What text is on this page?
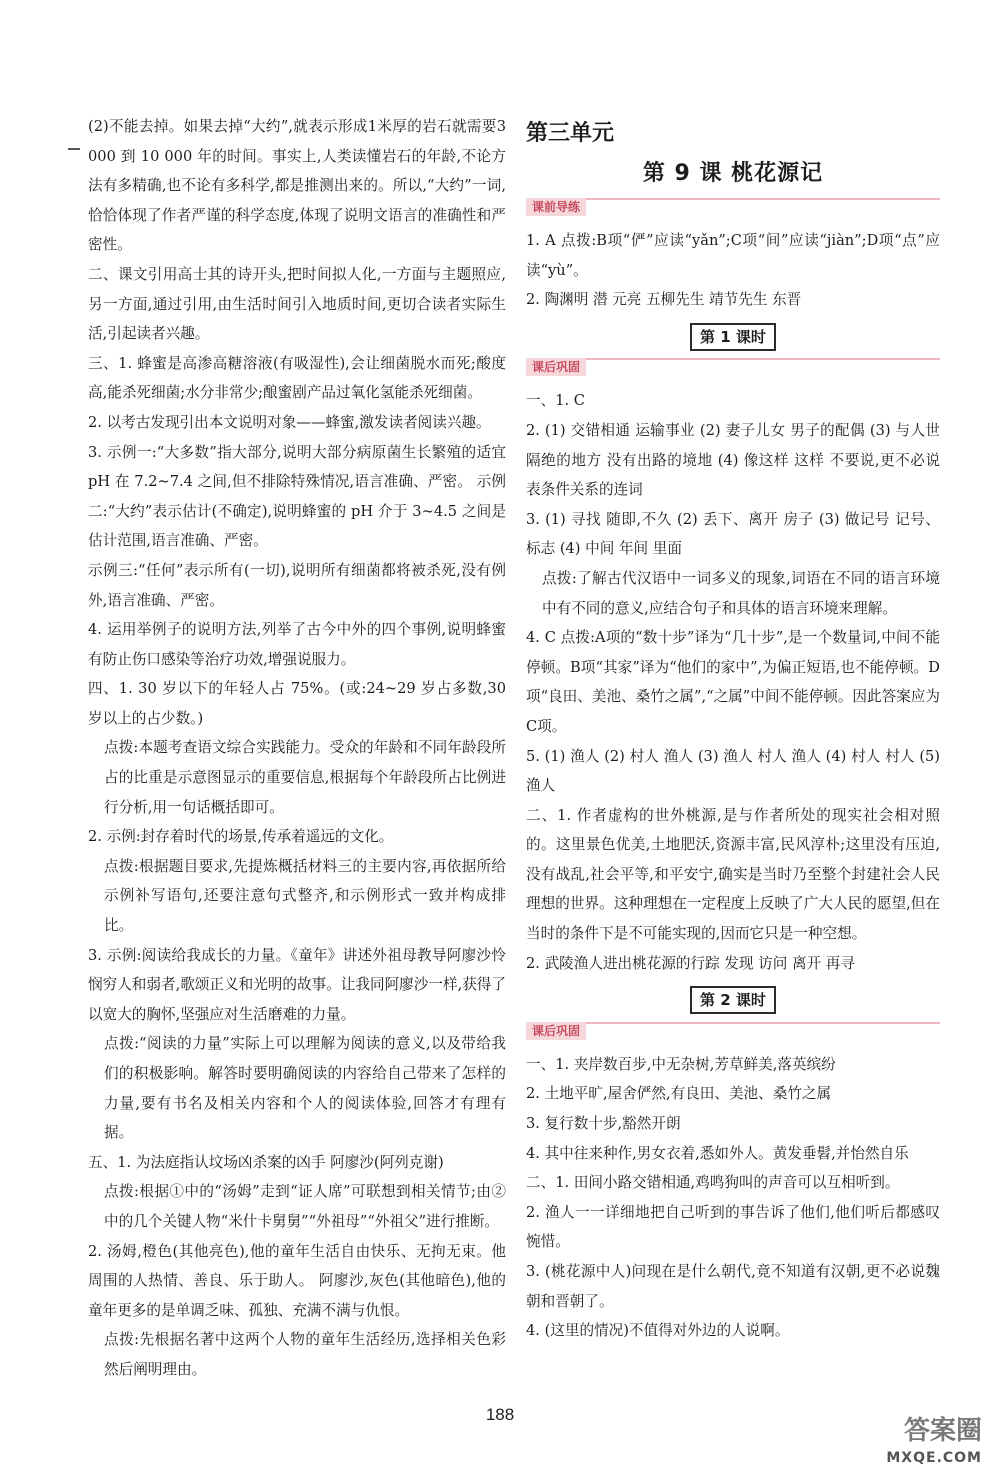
(2)不能去掉。如果去掉“大约”,就表示形成1米厚的岩石就需要3 000 到 10 000 年的时间。事实上,人类读懂岩石的年龄,不论方法有多精确,也不论有多科学,都是推测出来的。所以,“大约”一词,恰恰体现了作者严谨的科学态度,体现了说明文语言的准确性和严密性。

二、课文引用高士其的诗开头,把时间拟人化,一方面与主题照应,另一方面,通过引用,由生活时间引入地质时间,更切合读者实际生活,引起读者兴趣。

三、1. 蜂蜜是高渗高糖溶液(有吸湿性),会让细菌脱水而死;酸度高,能杀死细菌;水分非常少;酿蜜剧产品过氧化氢能杀死细菌。

2. 以考古发现引出本文说明对象——蜂蜜,激发读者阅读兴趣。

3. 示例一:“大多数”指大部分,说明大部分病原菌生长繁殖的适宜 pH 在 7.2~7.4 之间,但不排除特殊情况,语言准确、严密。 示例二:“大约”表示估计(不确定),说明蜂蜜的 pH 介于 3~4.5 之间是估计范围,语言准确、严密。

示例三:“任何”表示所有(一切),说明所有细菌都将被杀死,没有例外,语言准确、严密。

4. 运用举例子的说明方法,列举了古今中外的四个事例,说明蜂蜜有防止伤口感染等治疗功效,增强说服力。

四、1. 30 岁以下的年轻人占 75%。(或:24~29 岁占多数,30 岁以上的占少数。)

点拨:本题考查语文综合实践能力。受众的年龄和不同年龄段所占的比重是示意图显示的重要信息,根据每个年龄段所占比例进行分析,用一句话概括即可。

2. 示例:封存着时代的场景,传承着遥远的文化。

点拨:根据题目要求,先提炼概括材料三的主要内容,再依据所给示例补写语句,还要注意句式整齐,和示例形式一致并构成排比。

3. 示例:阅读给我成长的力量。《童年》讲述外祖母教导阿廖沙怜悯穷人和弱者,歌颂正义和光明的故事。让我同阿廖沙一样,获得了以宽大的胸怀,坚强应对生活磨难的力量。

点拨:“阅读的力量”实际上可以理解为阅读的意义,以及带给我们的积极影响。解答时要明确阅读的内容给自己带来了怎样的力量,要有书名及相关内容和个人的阅读体验,回答才有理有据。

五、1. 为法庭指认坟场凶杀案的凶手 阿廖沙(阿列克谢)

点拨:根据①中的“汤姆”走到“证人席”可联想到相关情节;由②中的几个关键人物“米什卡舅舅”“外祖母”“外祖父”进行推断。

2. 汤姆,橙色(其他亮色),他的童年生活自由快乐、无拘无束。他周围的人热情、善良、乐于助人。 阿廖沙,灰色(其他暗色),他的童年更多的是单调乏味、孤独、充满不满与仇恨。

点拨:先根据名著中这两个人物的童年生活经历,选择相关色彩然后阐明理由。

第三单元
第 9 课 桃花源记
课前导练

1. A 点拨:B项“俨”应读“yǎn”;C项“间”应读“jiàn”;D项“点”应读“yù”。

2. 陶渊明 潜 元亮 五柳先生 靖节先生 东晋

第 1 课时
课后巩固

一、1. C

2. (1) 交错相通 运输事业 (2) 妻子儿女 男子的配偶 (3) 与人世隔绝的地方 没有出路的境地 (4) 像这样 这样 不要说,更不必说 表条件关系的连词

3. (1) 寻找 随即,不久 (2) 丢下、离开 房子 (3) 做记号 记号、标志 (4) 中间 年间 里面

点拨:了解古代汉语中一词多义的现象,词语在不同的语言环境中有不同的意义,应结合句子和具体的语言环境来理解。

4. C 点拨:A项的“数十步”译为“几十步”,是一个数量词,中间不能停顿。B项“其家”译为“他们的家中”,为偏正短语,也不能停顿。D项“良田、美池、桑竹之属”,“之属”中间不能停顿。因此答案应为C项。

5. (1) 渔人 (2) 村人 渔人 (3) 渔人 村人 渔人 (4) 村人 村人 (5) 渔人

二、1. 作者虚构的世外桃源,是与作者所处的现实社会相对照的。这里景色优美,土地肥沃,资源丰富,民风淳朴;这里没有压迫,没有战乱,社会平等,和平安宁,确实是当时乃至整个封建社会人民理想的世界。这种理想在一定程度上反映了广大人民的愿望,但在当时的条件下是不可能实现的,因而它只是一种空想。

2. 武陵渔人进出桃花源的行踪 发现 访问 离开 再寻

第 2 课时
课后巩固

一、1. 夹岸数百步,中无杂树,芳草鲜美,落英缤纷

2. 土地平旷,屋舍俨然,有良田、美池、桑竹之属

3. 复行数十步,豁然开朗

4. 其中往来种作,男女衣着,悉如外人。黄发垂髫,并怡然自乐

二、1. 田间小路交错相通,鸡鸣狗叫的声音可以互相听到。

2. 渔人一一详细地把自己听到的事告诉了他们,他们听后都感叹惋惜。

3. (桃花源中人)问现在是什么朝代,竟不知道有汉朝,更不必说魏朝和晋朝了。

4. (这里的情况)不值得对外边的人说啊。

188
答案圈
MXQE.COM
